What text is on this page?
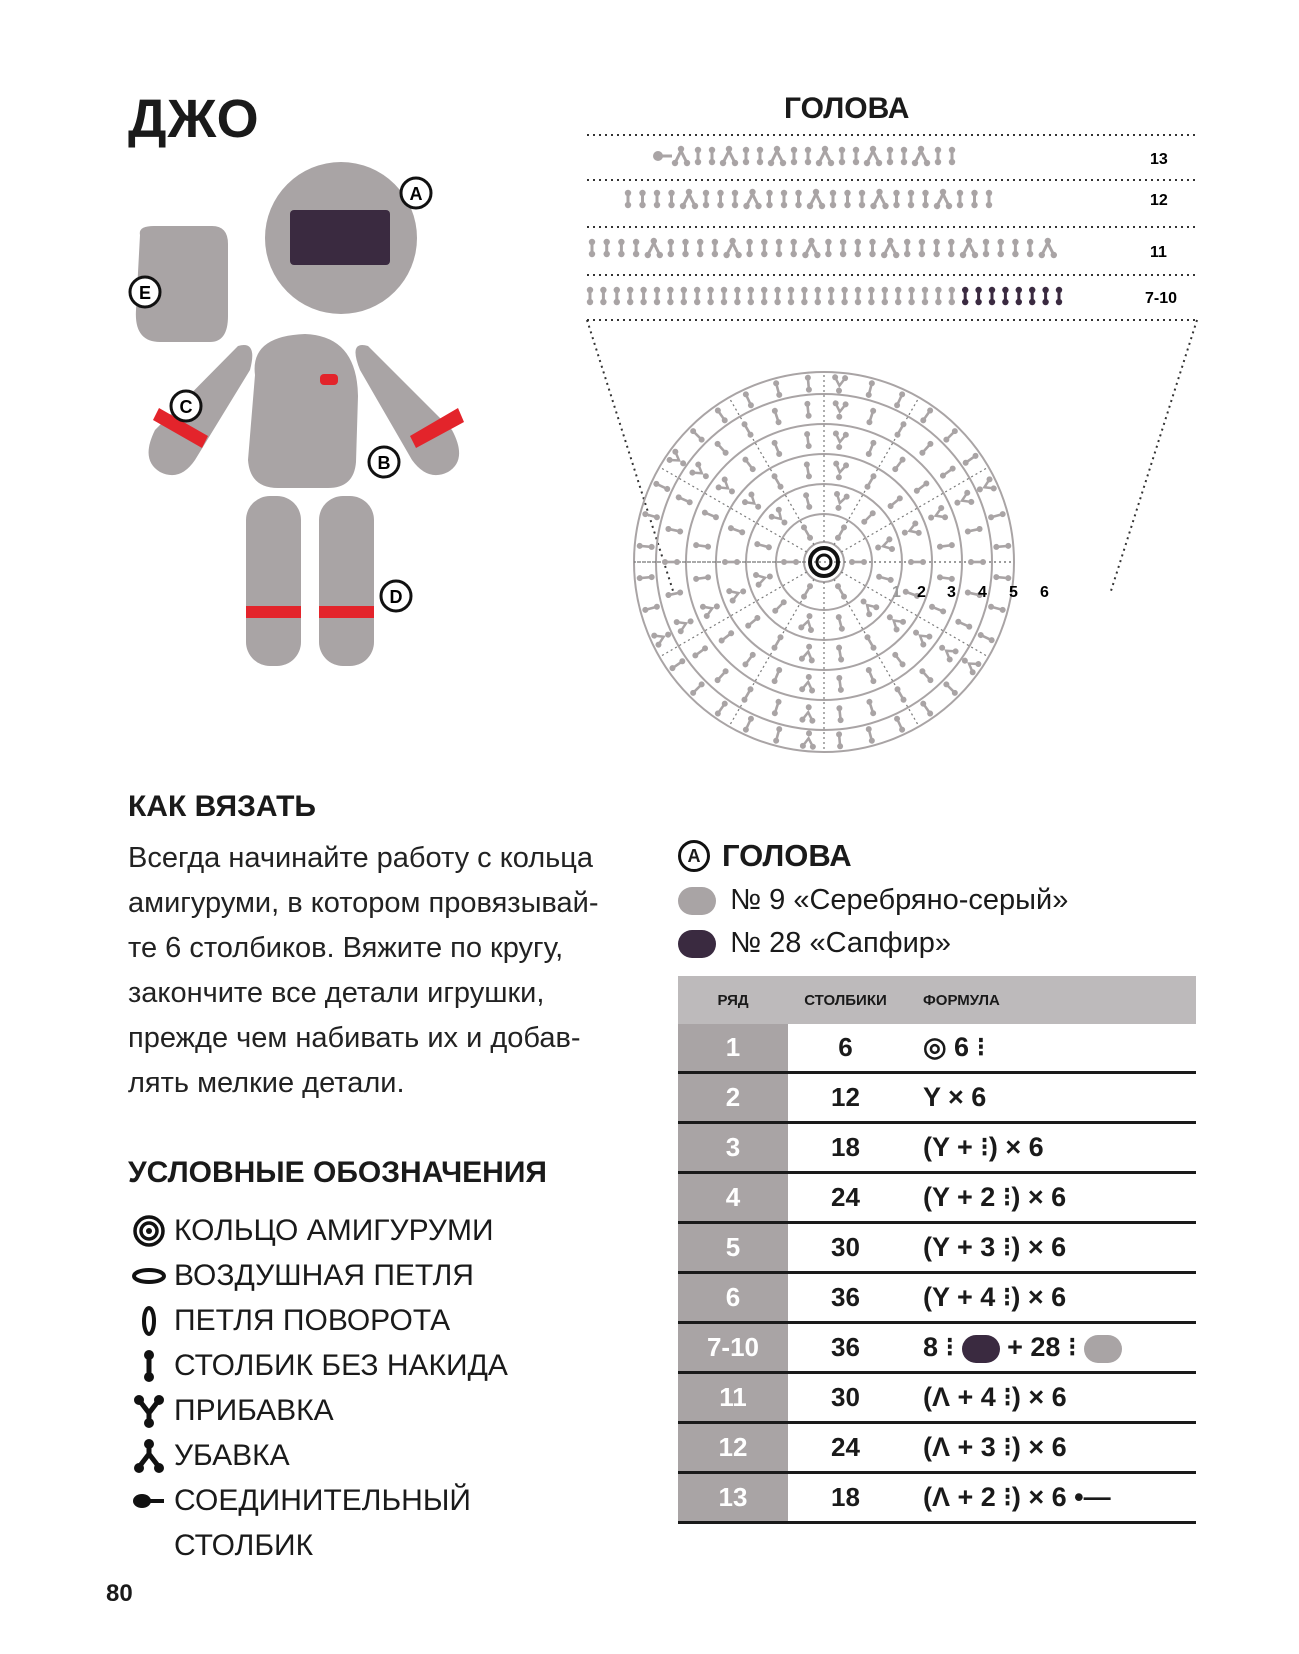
ДЖО
A
E
C
B
D
ГОЛОВА
13
12
11
7-10
1 2 3 4 5 6
КАК ВЯЗАТЬ
Всегда начинайте работу с кольца
амигуруми, в котором провязывай-
те 6 столбиков. Вяжите по кругу,
закончите все детали игрушки,
прежде чем набивать их и добав-
лять мелкие детали.
УСЛОВНЫЕ ОБОЗНАЧЕНИЯ
КОЛЬЦО АМИГУРУМИ
ВОЗДУШНАЯ ПЕТЛЯ
ПЕТЛЯ ПОВОРОТА
СТОЛБИК БЕЗ НАКИДА
ПРИБАВКА
УБАВКА
СОЕДИНИТЕЛЬНЫЙ
СТОЛБИК
A ГОЛОВА
№ 9 «Серебряно-серый»
№ 28 «Сапфир»
РЯД	СТОЛБИКИ	ФОРМУЛА
1	6	◎ 6 ⁝
2	12	Y × 6
3	18	(Y + ⁝) × 6
4	24	(Y + 2 ⁝) × 6
5	30	(Y + 3 ⁝) × 6
6	36	(Y + 4 ⁝) × 6
7-10	36	8 ⁝ + 28 ⁝
11	30	(Λ + 4 ⁝) × 6
12	24	(Λ + 3 ⁝) × 6
13	18	(Λ + 2 ⁝) × 6 •—
80
